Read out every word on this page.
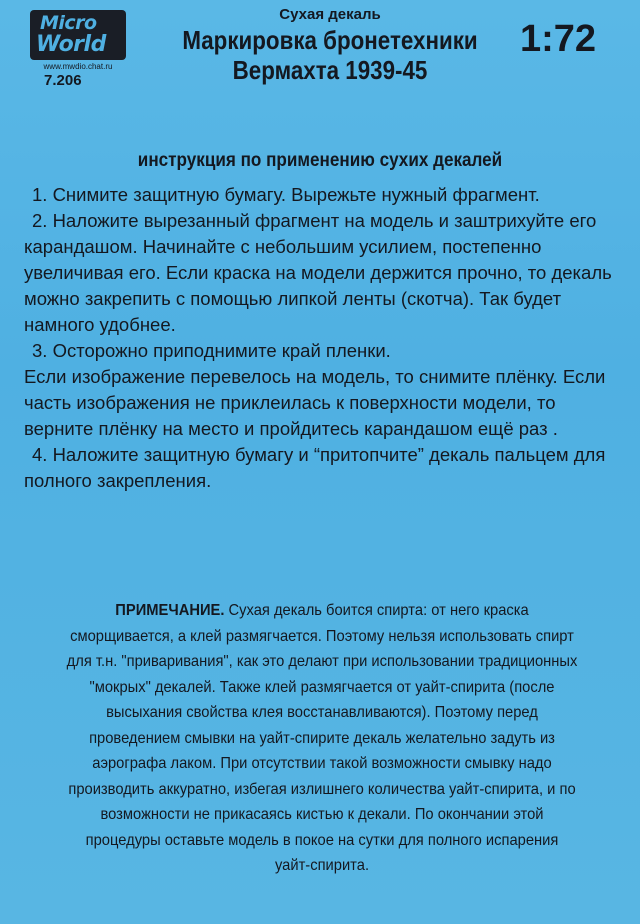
Micro
World
www.mwdio.chat.ru
7.206
Сухая декаль
Маркировка бронетехники
Вермахта 1939-45
1:72
инструкция по применению сухих декалей

1. Снимите защитную бумагу. Вырежьте нужный фрагмент.

2. Наложите вырезанный фрагмент на модель и заштрихуйте его карандашом. Начинайте с небольшим усилием, постепенно увеличивая его. Если краска на модели держится прочно, то декаль можно закрепить с помощью липкой ленты (скотча). Так будет намного удобнее.

3. Осторожно приподнимите край пленки.

Если изображение перевелось на модель, то снимите плёнку. Если часть изображения не приклеилась к поверхности модели, то верните плёнку на место и пройдитесь карандашом ещё раз .

4. Наложите защитную бумагу и “притопчите” декаль пальцем для полного закрепления.

ПРИМЕЧАНИЕ. Сухая декаль боится спирта: от него краска сморщивается, а клей размягчается. Поэтому нельзя использовать спирт для т.н. "приваривания", как это делают при использовании традиционных "мокрых" декалей. Также клей размягчается от уайт-спирита (после высыхания свойства клея восстанавливаются). Поэтому перед проведением смывки на уайт-спирите декаль желательно задуть из аэрографа лаком. При отсутствии такой возможности смывку надо производить аккуратно, избегая излишнего количества уайт-спирита, и по возможности не прикасаясь кистью к декали. По окончании этой процедуры оставьте модель в покое на сутки для полного испарения уайт-спирита.
